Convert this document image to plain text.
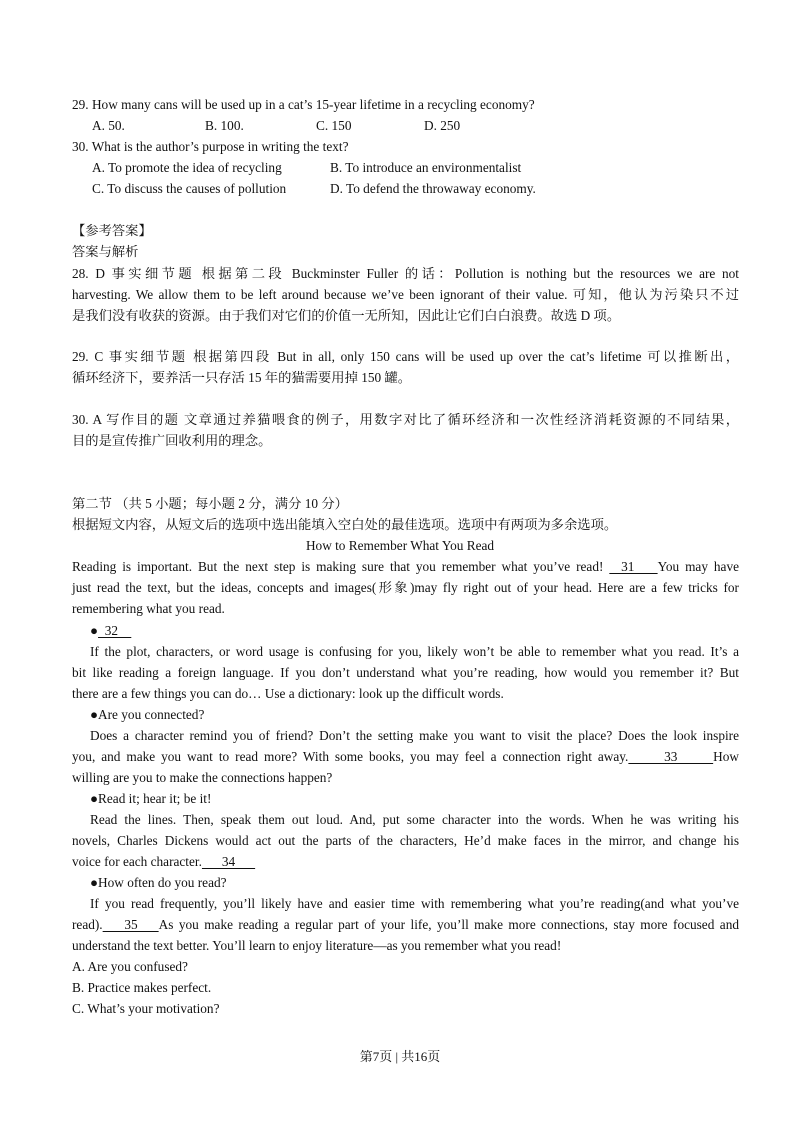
29. How many cans will be used up in a cat’s 15-year lifetime in a recycling economy?
A. 50.	B. 100.	C. 150	D. 250
30. What is the author’s purpose in writing the text?
A. To promote the idea of recycling	B. To introduce an environmentalist
C. To discuss the causes of pollution	D. To defend the throwaway economy.
【参考答案】
答案与解析
28. D 事实细节题 根据第二段 Buckminster Fuller 的话：Pollution is nothing but the resources we are not
harvesting. We allow them to be left around because we’ve been ignorant of their value. 可知，他认为污染只不过
是我们没有收获的资源。由于我们对它们的价值一无所知，因此让它们白白浪费。故选 D 项。
29. C 事实细节题 根据第四段 But in all, only 150 cans will be used up over the cat’s lifetime 可以推断出，
循环经济下，要养活一只存活 15 年的猫需要用掉 150 罐。
30. A 写作目的题 文章通过养猫喂食的例子，用数字对比了循环经济和一次性经济消耗资源的不同结果，
目的是宣传推广回收利用的理念。
第二节 （共 5 小题；每小题 2 分，满分 10 分）
根据短文内容，从短文后的选项中选出能填入空白处的最佳选项。选项中有两项为多余选项。
How to Remember What You Read
Reading is important. But the next step is making sure that you remember what you’ve read!   31    You may have
just read the text, but the ideas, concepts and images(形象)may fly right out of your head. Here are a few tricks for
remembering what you read.
●  32
If the plot, characters, or word usage is confusing for you, likely won’t be able to remember what you read. It’s a
bit like reading a foreign language. If you don’t understand what you’re reading, how would you remember it? But
there are a few things you can do… Use a dictionary: look up the difficult words.
●Are you connected?
Does a character remind you of friend? Don’t the setting make you want to visit the place? Does the look inspire
you, and make you want to read more? With some books, you may feel a connection right away.      33      How
willing are you to make the connections happen?
●Read it; hear it; be it!
Read the lines. Then, speak them out loud. And, put some character into the words. When he was writing his
novels, Charles Dickens would act out the parts of the characters, He’d make faces in the mirror, and change his
voice for each character.      34
●How often do you read?
If you read frequently, you’ll likely have and easier time with remembering what you’re reading(and what you’ve
read).    35    As you make reading a regular part of your life, you’ll make more connections, stay more focused and
understand the text better. You’ll learn to enjoy literature—as you remember what you read!
A. Are you confused?
B. Practice makes perfect.
C. What’s your motivation?
第7页 | 共16页
